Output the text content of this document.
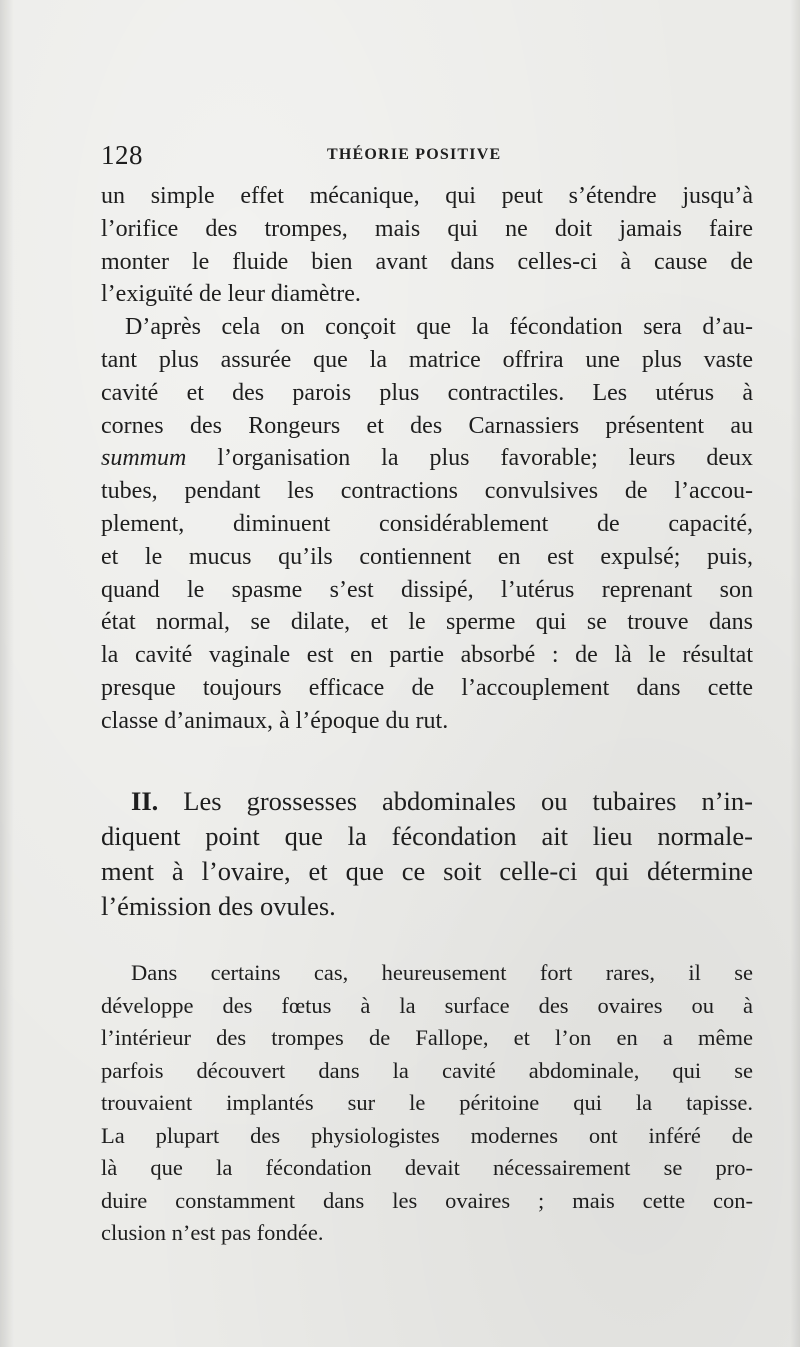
128	THÉORIE POSITIVE
un simple effet mécanique, qui peut s’étendre jusqu’à
l’orifice des trompes, mais qui ne doit jamais faire
monter le fluide bien avant dans celles-ci à cause de
l’exiguïté de leur diamètre.
D’après cela on conçoit que la fécondation sera d’au-
tant plus assurée que la matrice offrira une plus vaste
cavité et des parois plus contractiles. Les utérus à
cornes des Rongeurs et des Carnassiers présentent au
summum l’organisation la plus favorable; leurs deux
tubes, pendant les contractions convulsives de l’accou-
plement, diminuent considérablement de capacité,
et le mucus qu’ils contiennent en est expulsé; puis,
quand le spasme s’est dissipé, l’utérus reprenant son
état normal, se dilate, et le sperme qui se trouve dans
la cavité vaginale est en partie absorbé : de là le résultat
presque toujours efficace de l’accouplement dans cette
classe d’animaux, à l’époque du rut.
II. Les grossesses abdominales ou tubaires n’in-
diquent point que la fécondation ait lieu normale-
ment à l’ovaire, et que ce soit celle-ci qui détermine
l’émission des ovules.
Dans certains cas, heureusement fort rares, il se
développe des fœtus à la surface des ovaires ou à
l’intérieur des trompes de Fallope, et l’on en a même
parfois découvert dans la cavité abdominale, qui se
trouvaient implantés sur le péritoine qui la tapisse.
La plupart des physiologistes modernes ont inféré de
là que la fécondation devait nécessairement se pro-
duire constamment dans les ovaires ; mais cette con-
clusion n’est pas fondée.
